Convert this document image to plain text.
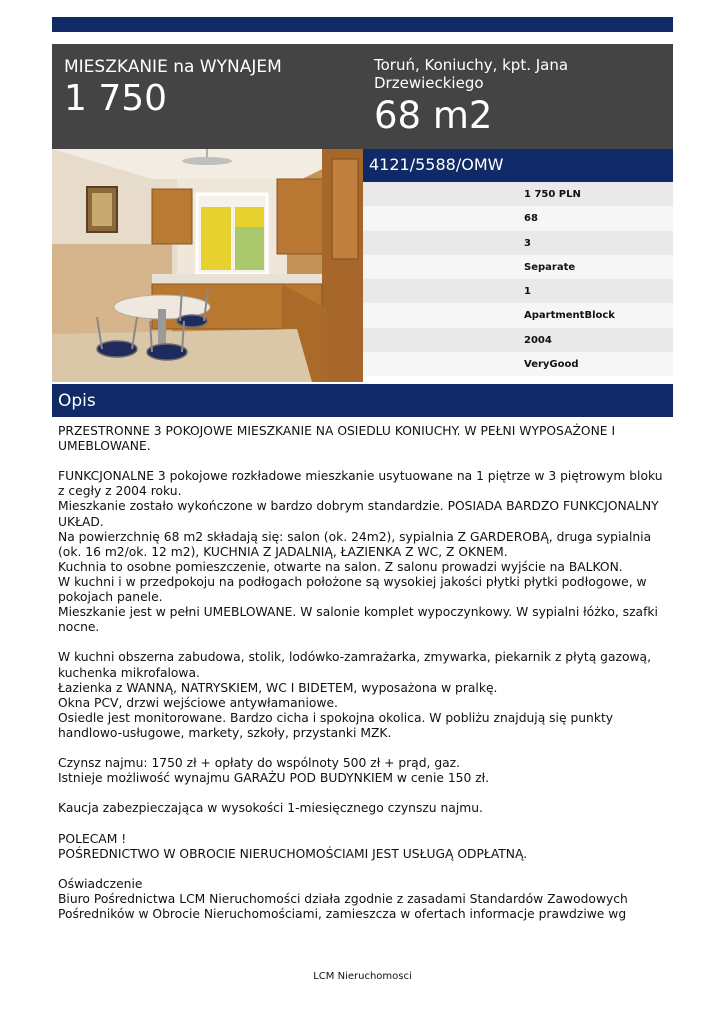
MIESZKANIE na WYNAJEM
1 750
Toruń, Koniuchy, kpt. Jana Drzewieckiego
68 m2
4121/5588/OMW
1 750 PLN
68
3
Separate
1
ApartmentBlock
2004
VeryGood
Opis

PRZESTRONNE 3 POKOJOWE MIESZKANIE NA OSIEDLU KONIUCHY. W PEŁNI WYPOSAŻONE I UMEBLOWANE.

FUNKCJONALNE 3 pokojowe rozkładowe mieszkanie usytuowane na 1 piętrze w 3 piętrowym bloku z cegły z 2004 roku.
Mieszkanie zostało wykończone w bardzo dobrym standardzie. POSIADA BARDZO FUNKCJONALNY UKŁAD.
Na powierzchnię 68 m2 składają się: salon (ok. 24m2), sypialnia Z GARDEROBĄ, druga sypialnia (ok. 16 m2/ok. 12 m2), KUCHNIA Z JADALNIĄ, ŁAZIENKA Z WC, Z OKNEM.
Kuchnia to osobne pomieszczenie, otwarte na salon. Z salonu prowadzi wyjście na BALKON.
W kuchni i w przedpokoju na podłogach położone są wysokiej jakości płytki płytki podłogowe, w pokojach panele.
Mieszkanie jest w pełni UMEBLOWANE. W salonie komplet wypoczynkowy. W sypialni łóżko, szafki nocne.

W kuchni obszerna zabudowa, stolik, lodówko-zamrażarka, zmywarka, piekarnik z płytą gazową, kuchenka mikrofalowa.
Łazienka z WANNĄ, NATRYSKIEM, WC I BIDETEM, wyposażona w pralkę.
Okna PCV, drzwi wejściowe antywłamaniowe.
Osiedle jest monitorowane. Bardzo cicha i spokojna okolica. W pobliżu znajdują się punkty handlowo-usługowe, markety, szkoły, przystanki MZK.

Czynsz najmu: 1750 zł + opłaty do wspólnoty 500 zł + prąd, gaz.
Istnieje możliwość wynajmu GARAŻU POD BUDYNKIEM w cenie 150 zł.

Kaucja zabezpieczająca w wysokości 1-miesięcznego czynszu najmu.

POLECAM !
POŚREDNICTWO W OBROCIE NIERUCHOMOŚCIAMI JEST USŁUGĄ ODPŁATNĄ.

Oświadczenie
Biuro Pośrednictwa LCM Nieruchomości działa zgodnie z zasadami Standardów Zawodowych Pośredników w Obrocie Nieruchomościami, zamieszcza w ofertach informacje prawdziwe wg

LCM Nieruchomosci
